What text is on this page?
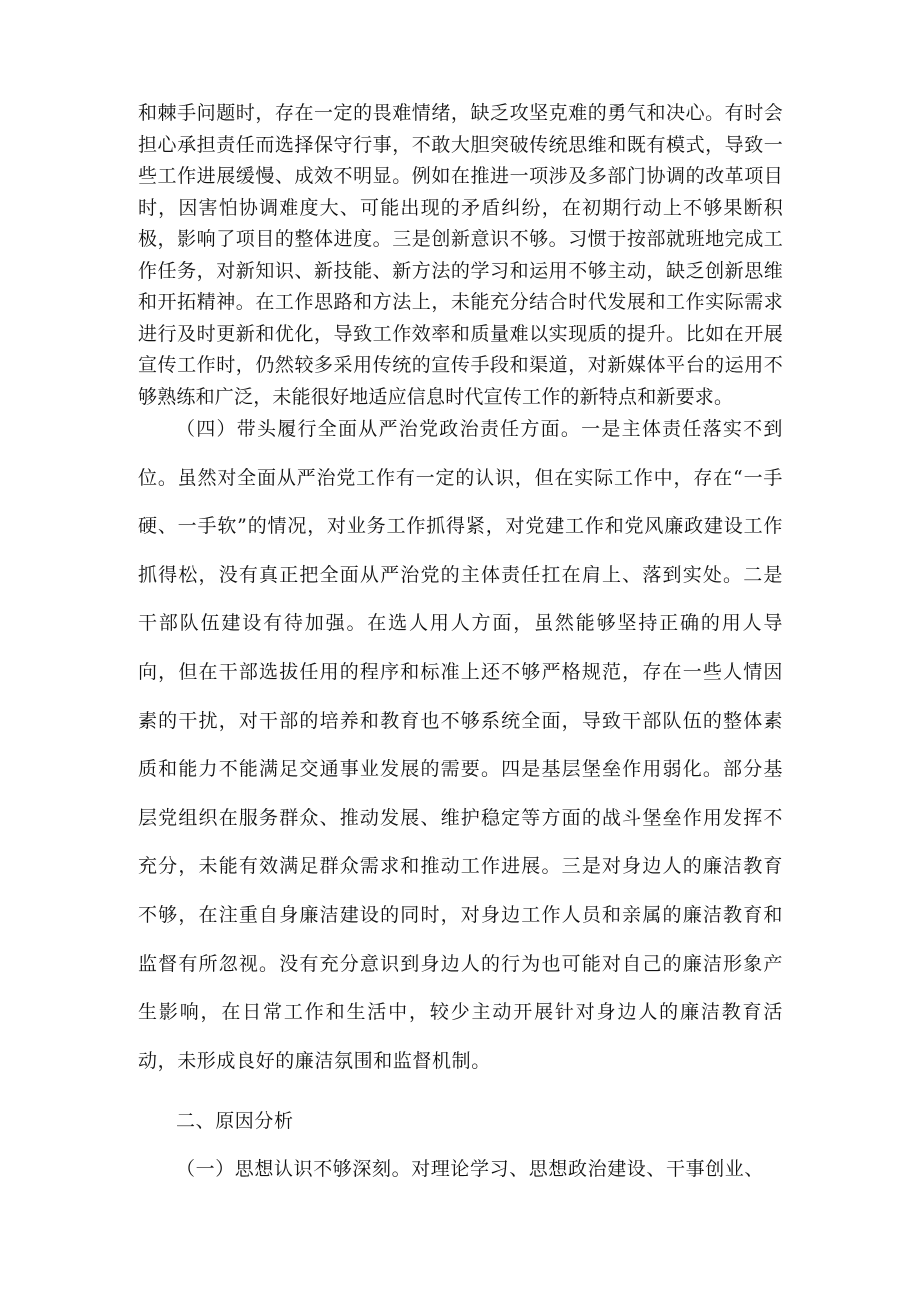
和棘手问题时，存在一定的畏难情绪，缺乏攻坚克难的勇气和决心。有时会担心承担责任而选择保守行事，不敢大胆突破传统思维和既有模式，导致一些工作进展缓慢、成效不明显。例如在推进一项涉及多部门协调的改革项目时，因害怕协调难度大、可能出现的矛盾纠纷，在初期行动上不够果断积极，影响了项目的整体进度。三是创新意识不够。习惯于按部就班地完成工作任务，对新知识、新技能、新方法的学习和运用不够主动，缺乏创新思维和开拓精神。在工作思路和方法上，未能充分结合时代发展和工作实际需求进行及时更新和优化，导致工作效率和质量难以实现质的提升。比如在开展宣传工作时，仍然较多采用传统的宣传手段和渠道，对新媒体平台的运用不够熟练和广泛，未能很好地适应信息时代宣传工作的新特点和新要求。

（四）带头履行全面从严治党政治责任方面。一是主体责任落实不到位。虽然对全面从严治党工作有一定的认识，但在实际工作中，存在“一手硬、一手软”的情况，对业务工作抓得紧，对党建工作和党风廉政建设工作抓得松，没有真正把全面从严治党的主体责任扛在肩上、落到实处。二是干部队伍建设有待加强。在选人用人方面，虽然能够坚持正确的用人导向，但在干部选拔任用的程序和标准上还不够严格规范，存在一些人情因素的干扰，对干部的培养和教育也不够系统全面，导致干部队伍的整体素质和能力不能满足交通事业发展的需要。四是基层堡垒作用弱化。部分基层党组织在服务群众、推动发展、维护稳定等方面的战斗堡垒作用发挥不充分，未能有效满足群众需求和推动工作进展。三是对身边人的廉洁教育不够，在注重自身廉洁建设的同时，对身边工作人员和亲属的廉洁教育和监督有所忽视。没有充分意识到身边人的行为也可能对自己的廉洁形象产生影响，在日常工作和生活中，较少主动开展针对身边人的廉洁教育活动，未形成良好的廉洁氛围和监督机制。

二、原因分析

（一）思想认识不够深刻。对理论学习、思想政治建设、干事创业、
